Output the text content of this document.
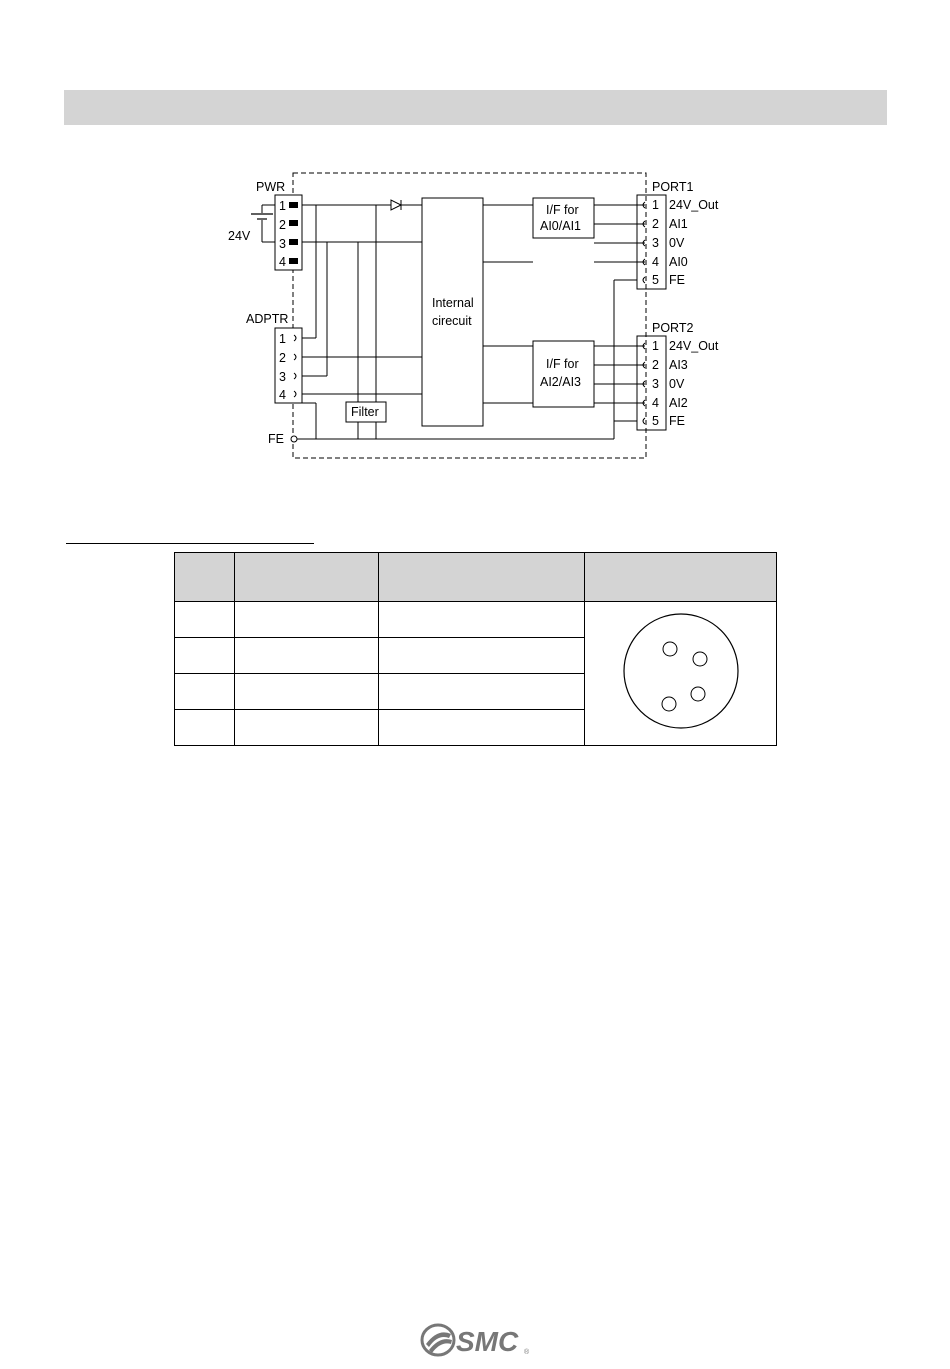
PWR
1
2
3
4
24V
ADPTR
1
2
3
4
Filter
FE
Internal
cirecuit
I/F for
AI0/AI1
I/F for
AI2/AI3
PORT1
1
2
3
4
5
24V_Out
AI1
0V
AI0
FE
PORT2
1
2
3
4
5
24V_Out
AI3
0V
AI2
FE

SMC ®
